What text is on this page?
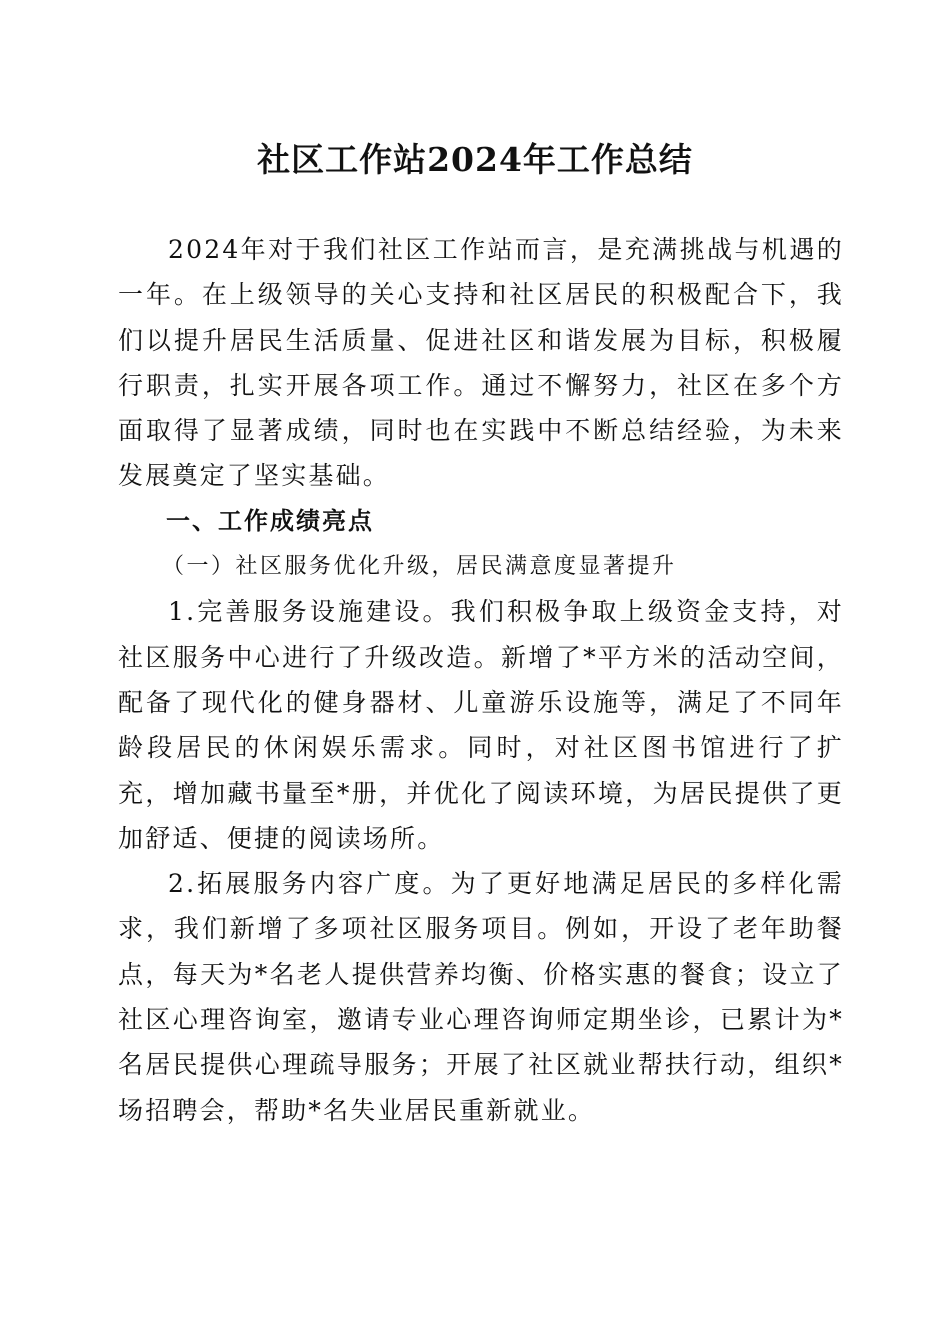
社区工作站2024年工作总结

2024年对于我们社区工作站而言，是充满挑战与机遇的一年。在上级领导的关心支持和社区居民的积极配合下，我们以提升居民生活质量、促进社区和谐发展为目标，积极履行职责，扎实开展各项工作。通过不懈努力，社区在多个方面取得了显著成绩，同时也在实践中不断总结经验，为未来发展奠定了坚实基础。

一、工作成绩亮点

（一）社区服务优化升级，居民满意度显著提升

1.完善服务设施建设。我们积极争取上级资金支持，对社区服务中心进行了升级改造。新增了*平方米的活动空间，配备了现代化的健身器材、儿童游乐设施等，满足了不同年龄段居民的休闲娱乐需求。同时，对社区图书馆进行了扩充，增加藏书量至*册，并优化了阅读环境，为居民提供了更加舒适、便捷的阅读场所。

2.拓展服务内容广度。为了更好地满足居民的多样化需求，我们新增了多项社区服务项目。例如，开设了老年助餐点，每天为*名老人提供营养均衡、价格实惠的餐食；设立了社区心理咨询室，邀请专业心理咨询师定期坐诊，已累计为*名居民提供心理疏导服务；开展了社区就业帮扶行动，组织*场招聘会，帮助*名失业居民重新就业。
